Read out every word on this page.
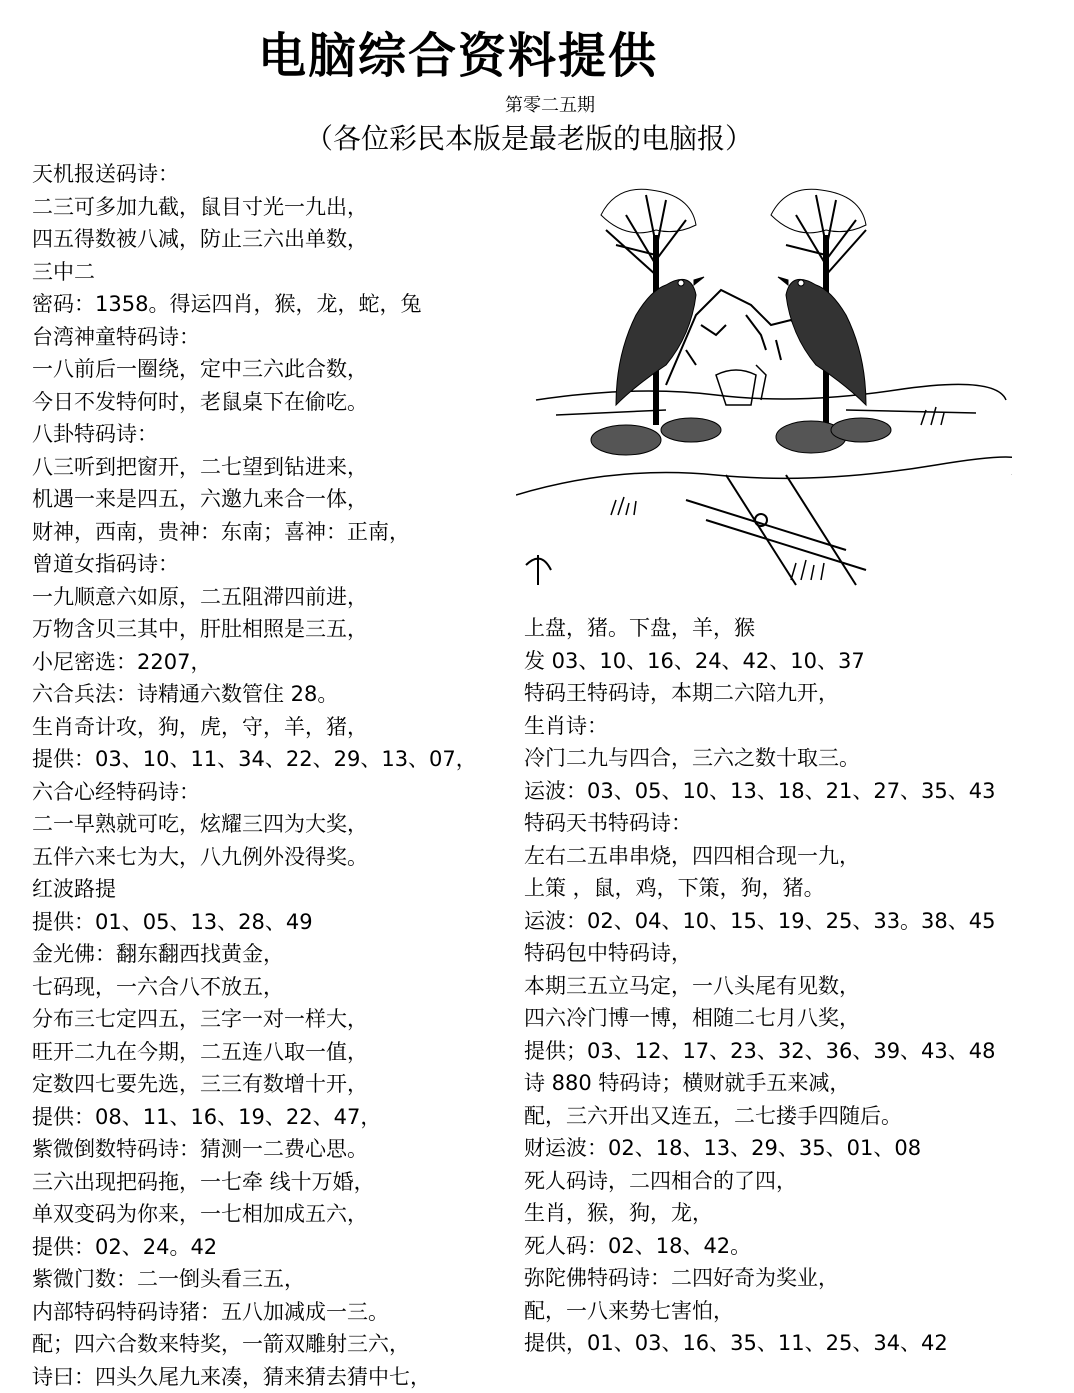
电脑综合资料提供
第零二五期
（各位彩民本版是最老版的电脑报）
天机报送码诗：
二三可多加九截，鼠目寸光一九出，
四五得数被八减，防止三六出单数，
三中二
密码：1358。得运四肖，猴，龙，蛇，兔
台湾神童特码诗：
一八前后一圈绕，定中三六此合数，
今日不发特何时，老鼠桌下在偷吃。
八卦特码诗：
八三听到把窗开，二七望到钻进来，
机遇一来是四五，六邀九来合一体，
财神，西南，贵神：东南；喜神：正南，
曾道女指码诗：
一九顺意六如原，二五阻滞四前进，
万物含贝三其中，肝肚相照是三五，
小尼密选：2207，
六合兵法：诗精通六数管住 28。
生肖奇计攻，狗，虎，守，羊，猪，
提供：03、10、11、34、22、29、13、07，
六合心经特码诗：
二一早熟就可吃，炫耀三四为大奖，
五伴六来七为大，八九例外没得奖。
红波路提
提供：01、05、13、28、49
金光佛：翻东翻西找黄金，
七码现，一六合八不放五，
分布三七定四五，三字一对一样大，
旺开二九在今期，二五连八取一值，
定数四七要先选，三三有数增十开，
提供：08、11、16、19、22、47，
紫微倒数特码诗：猜测一二费心思。
三六出现把码拖，一七牵 线十万婚，
单双变码为你来，一七相加成五六，
提供：02、24。42
紫微门数：二一倒头看三五，
内部特码特码诗猪：五八加减成一三。
配；四六合数来特奖，一箭双雕射三六，
诗曰：四头久尾九来凑，猜来猜去猜中七，
上盘，猪。下盘，羊，猴
发 03、10、16、24、42、10、37
特码王特码诗，本期二六陪九开，
生肖诗：
冷门二九与四合，三六之数十取三。
运波：03、05、10、13、18、21、27、35、43
特码天书特码诗：
左右二五串串烧，四四相合现一九，
上策 ，鼠，鸡，下策，狗，猪。
运波：02、04、10、15、19、25、33。38、45
特码包中特码诗，
本期三五立马定，一八头尾有见数，
四六冷门博一博，相随二七月八奖，
提供；03、12、17、23、32、36、39、43、48
诗 880 特码诗；横财就手五来减，
配，三六开出又连五，二七搂手四随后。
财运波：02、18、13、29、35、01、08
死人码诗，二四相合的了四，
生肖，猴，狗，龙，
死人码：02、18、42。
弥陀佛特码诗：二四好奇为奖业，
配，一八来势七害怕，
提供，01、03、16、35、11、25、34、42
